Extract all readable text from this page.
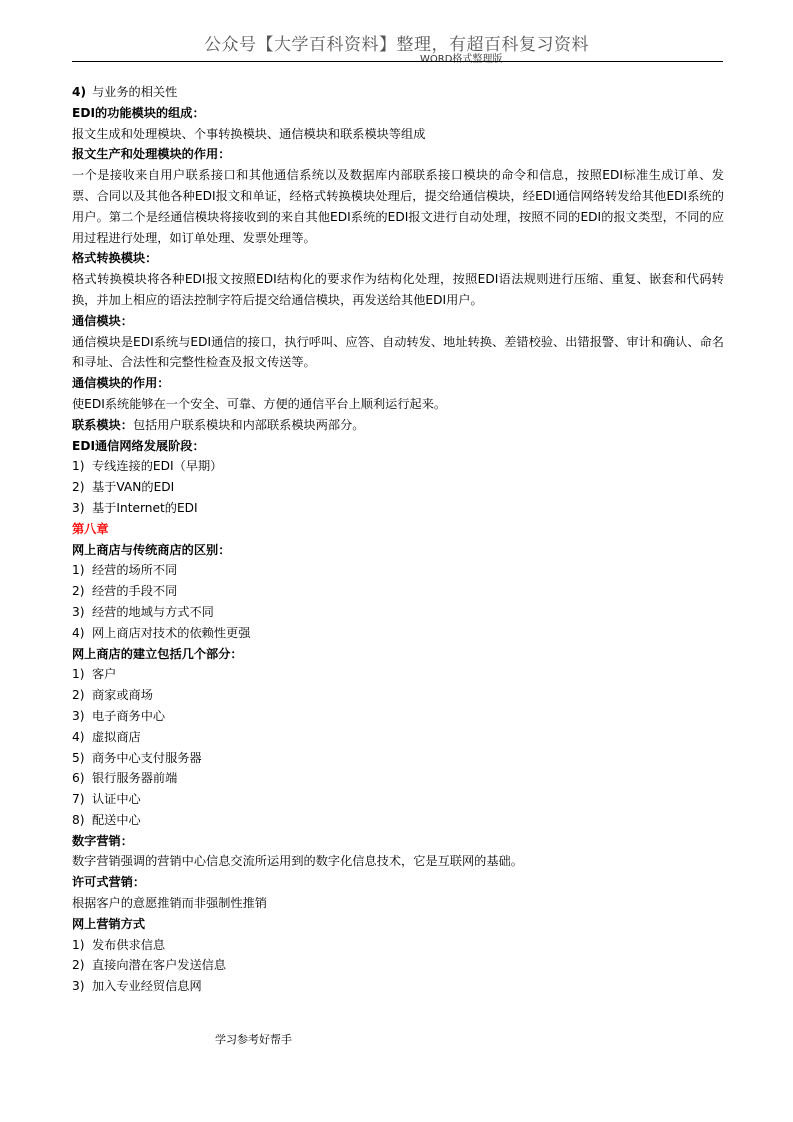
公众号【大学百科资料】整理，有超百科复习资料
WORD格式整理版
4) 与业务的相关性
EDI的功能模块的组成：
报文生成和处理模块、个事转换模块、通信模块和联系模块等组成
报文生产和处理模块的作用：
一个是接收来自用户联系接口和其他通信系统以及数据库内部联系接口模块的命令和信息，按照EDI标准生成订单、发票、合同以及其他各种EDI报文和单证，经格式转换模块处理后，提交给通信模块，经EDI通信网络转发给其他EDI系统的用户。第二个是经通信模块将接收到的来自其他EDI系统的EDI报文进行自动处理，按照不同的EDI的报文类型，不同的应用过程进行处理，如订单处理、发票处理等。
格式转换模块：
格式转换模块将各种EDI报文按照EDI结构化的要求作为结构化处理，按照EDI语法规则进行压缩、重复、嵌套和代码转换，并加上相应的语法控制字符后提交给通信模块，再发送给其他EDI用户。
通信模块：
通信模块是EDI系统与EDI通信的接口，执行呼叫、应答、自动转发、地址转换、差错校验、出错报警、审计和确认、命名和寻址、合法性和完整性检查及报文传送等。
通信模块的作用：
使EDI系统能够在一个安全、可靠、方便的通信平台上顺利运行起来。
联系模块：包括用户联系模块和内部联系模块两部分。
EDI通信网络发展阶段：
1) 专线连接的EDI（早期）
2) 基于VAN的EDI
3) 基于Internet的EDI
第八章
网上商店与传统商店的区别：
1) 经营的场所不同
2) 经营的手段不同
3) 经营的地域与方式不同
4) 网上商店对技术的依赖性更强
网上商店的建立包括几个部分：
1) 客户
2) 商家或商场
3) 电子商务中心
4) 虚拟商店
5) 商务中心支付服务器
6) 银行服务器前端
7) 认证中心
8) 配送中心
数字营销：
数字营销强调的营销中心信息交流所运用到的数字化信息技术，它是互联网的基础。
许可式营销：
根据客户的意愿推销而非强制性推销
网上营销方式
1) 发布供求信息
2) 直接向潜在客户发送信息
3) 加入专业经贸信息网
学习参考好帮手
